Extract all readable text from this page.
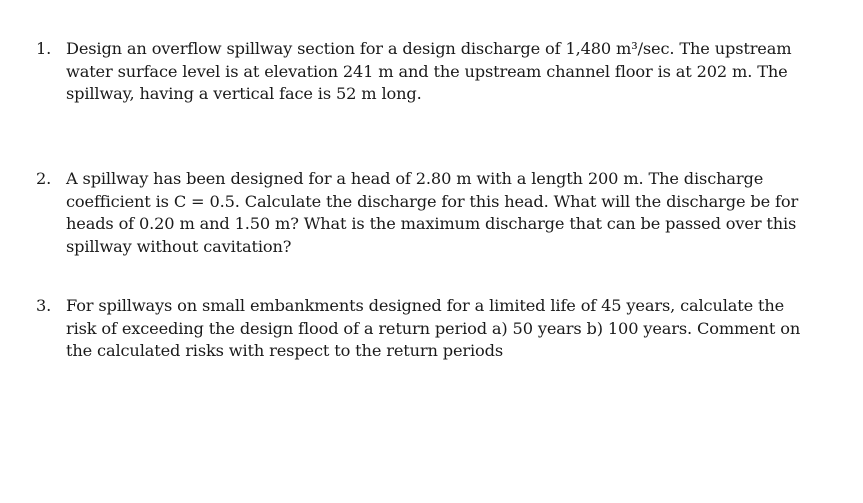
1. Design an overflow spillway section for a design discharge of 1,480 m³/sec. The upstream
water surface level is at elevation 241 m and the upstream channel floor is at 202 m. The
spillway, having a vertical face is 52 m long.
2. A spillway has been designed for a head of 2.80 m with a length 200 m. The discharge
coefficient is C = 0.5. Calculate the discharge for this head. What will the discharge be for
heads of 0.20 m and 1.50 m? What is the maximum discharge that can be passed over this
spillway without cavitation?
3. For spillways on small embankments designed for a limited life of 45 years, calculate the
risk of exceeding the design flood of a return period a) 50 years b) 100 years. Comment on
the calculated risks with respect to the return periods
